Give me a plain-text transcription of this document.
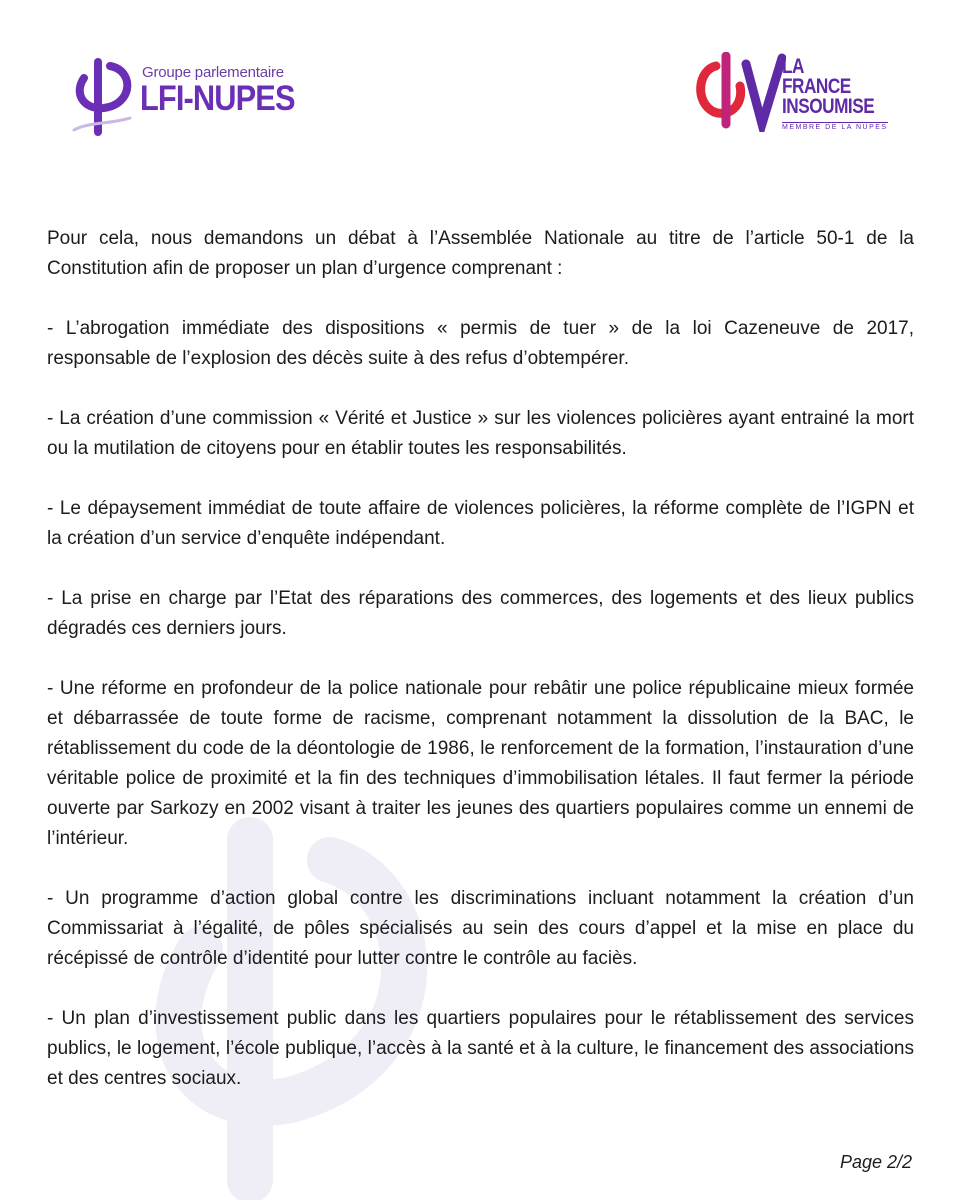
Groupe parlementaire
LFI-NUPES
LA
FRANCE
INSOUMISE
MEMBRE DE LA NUPES

Pour cela, nous demandons un débat à l’Assemblée Nationale au titre de l’article 50-1 de la Constitution afin de proposer un plan d’urgence comprenant :

- L’abrogation immédiate des dispositions « permis de tuer » de la loi Cazeneuve de 2017, responsable de l’explosion des décès suite à des refus d’obtempérer.

- La création d’une commission « Vérité et Justice » sur les violences policières ayant entrainé la mort ou la mutilation de citoyens pour en établir toutes les responsabilités.

- Le dépaysement immédiat de toute affaire de violences policières, la réforme complète de l’IGPN et la création d’un service d’enquête indépendant.

- La prise en charge par l’Etat des réparations des commerces, des logements et des lieux publics dégradés ces derniers jours.

- Une réforme en profondeur de la police nationale pour rebâtir une police républicaine mieux formée et débarrassée de toute forme de racisme, comprenant notamment la dissolution de la BAC, le rétablissement du code de la déontologie de 1986, le renforcement de la formation, l’instauration d’une véritable police de proximité et la fin des techniques d’immobilisation létales. Il faut fermer la période ouverte par Sarkozy en 2002 visant à traiter les jeunes des quartiers populaires comme un ennemi de l’intérieur.

- Un programme d’action global contre les discriminations incluant notamment la création d’un Commissariat à l’égalité, de pôles spécialisés au sein des cours d’appel et la mise en place du récépissé de contrôle d’identité pour lutter contre le contrôle au faciès.

- Un plan d’investissement public dans les quartiers populaires pour le rétablissement des services publics, le logement, l’école publique, l’accès à la santé et à la culture, le financement des associations et des centres sociaux.

Page 2/2
